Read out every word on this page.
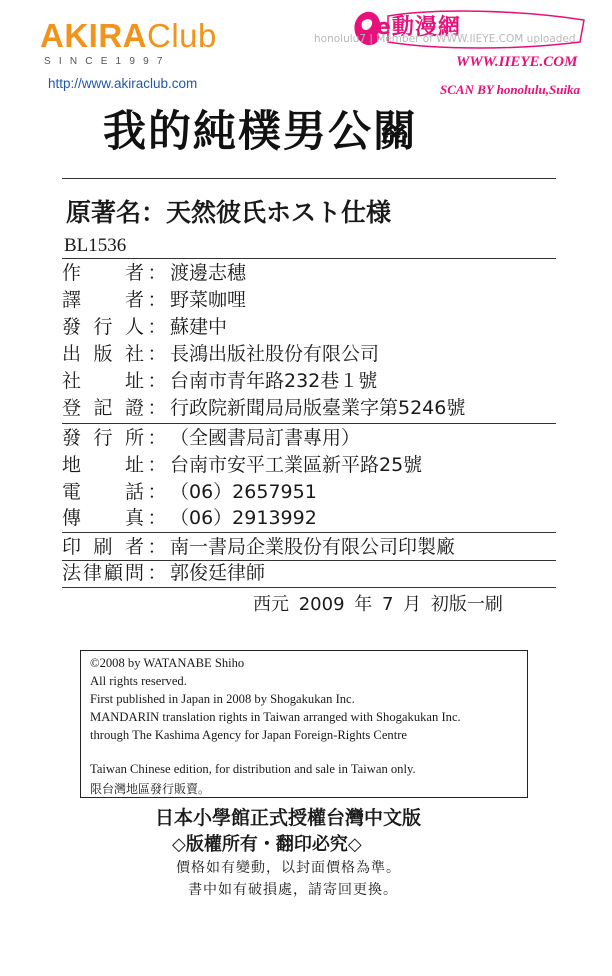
AKIRAClub
SINCE1997
http://www.akiraclub.com
e動漫網
honolulu7 | Member of WWW.IIEYE.COM uploaded
WWW.IIEYE.COM
SCAN BY honolulu,Suika
我的純樸男公關
原著名：天然彼氏ホスト仕様
BL1536
作者 ： 渡邊志穗
譯者 ： 野菜咖哩
發行人 ： 蘇建中
出版社 ： 長鴻出版社股份有限公司
社址 ： 台南市青年路232巷１號
登記證 ： 行政院新聞局局版臺業字第5246號
發行所 ： （全國書局訂書專用）
地址 ： 台南市安平工業區新平路25號
電話 ： （06）2657951
傳真 ： （06）2913992
印刷者 ： 南一書局企業股份有限公司印製廠
法律顧問 ： 郭俊廷律師
西元 2009 年 7 月 初版一刷
©2008 by WATANABE Shiho
All rights reserved.
First published in Japan in 2008 by Shogakukan Inc.
MANDARIN translation rights in Taiwan arranged with Shogakukan Inc.
through The Kashima Agency for Japan Foreign-Rights Centre
Taiwan Chinese edition, for distribution and sale in Taiwan only.
限台灣地區發行販賣。
日本小學館正式授權台灣中文版
◇版權所有・翻印必究◇
價格如有變動，以封面價格為準。
書中如有破損處，請寄回更換。
